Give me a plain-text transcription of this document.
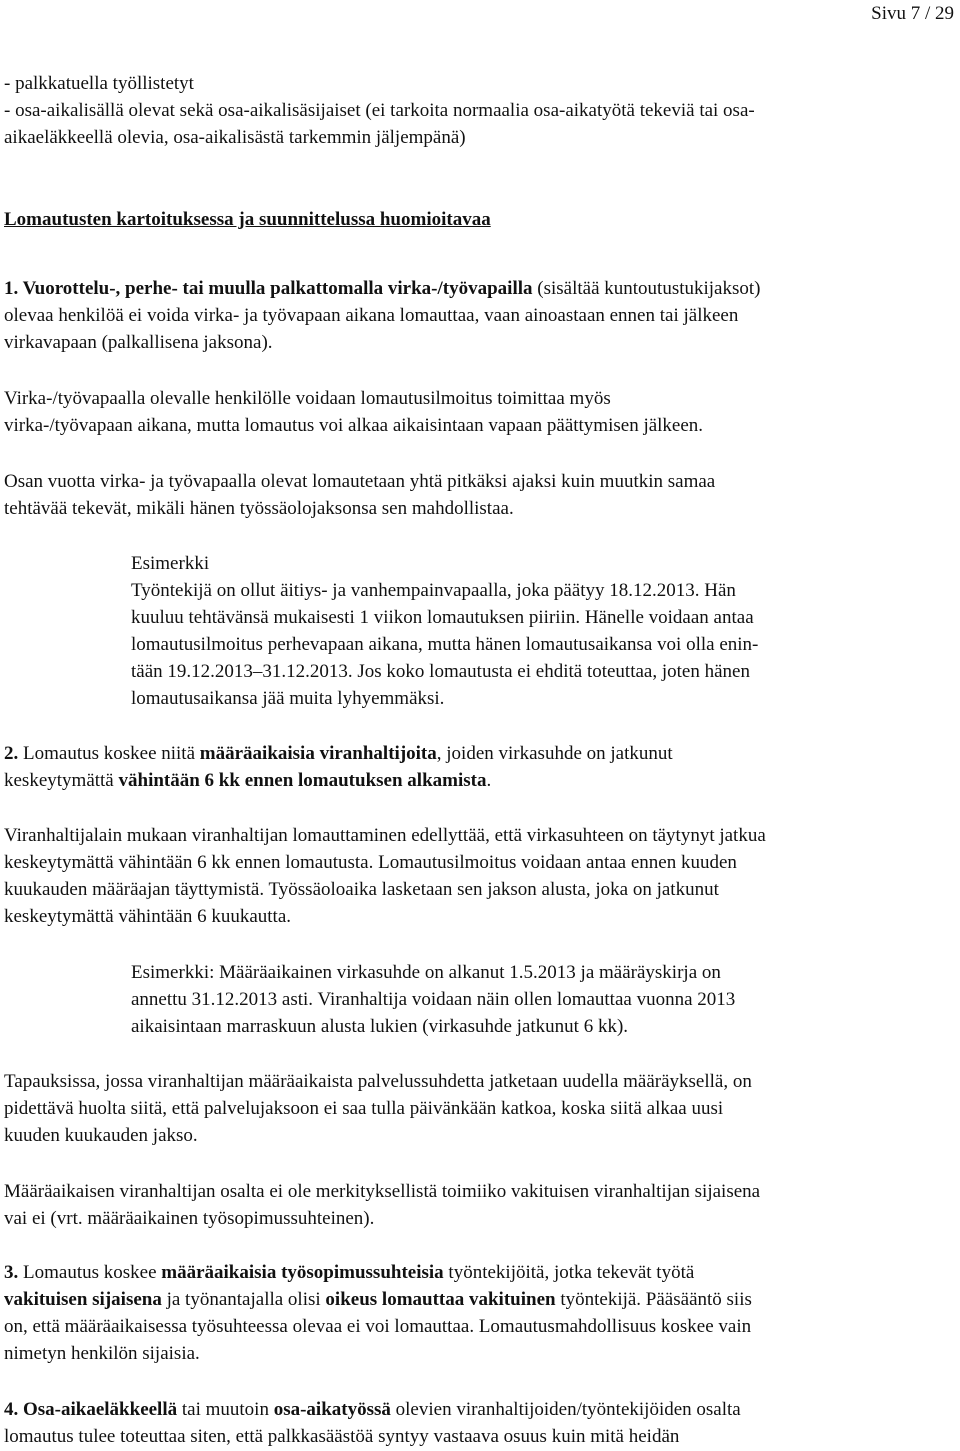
Sivu 7 / 29
- palkkatuella työllistetyt
- osa-aikalisällä olevat sekä osa-aikalisäsijaiset (ei tarkoita normaalia osa-aikatyötä tekeviä tai osa-
aikaeläkkeellä olevia, osa-aikalisästä tarkemmin jäljempänä)
Lomautusten kartoituksessa ja suunnittelussa huomioitavaa
1. Vuorottelu-, perhe- tai muulla palkattomalla virka-/työvapailla (sisältää kuntoutustukijaksot)
olevaa henkilöä ei voida virka- ja työvapaan aikana lomauttaa, vaan ainoastaan ennen tai jälkeen
virkavapaan (palkallisena jaksona).
Virka-/työvapaalla olevalle henkilölle voidaan lomautusilmoitus toimittaa myös
virka-/työvapaan aikana, mutta lomautus voi alkaa aikaisintaan vapaan päättymisen jälkeen.
Osan vuotta virka- ja työvapaalla olevat lomautetaan yhtä pitkäksi ajaksi kuin muutkin samaa
tehtävää tekevät, mikäli hänen työssäolojaksonsa sen mahdollistaa.
Esimerkki
Työntekijä on ollut äitiys- ja vanhempainvapaalla, joka päätyy 18.12.2013. Hän
kuuluu tehtävänsä mukaisesti 1 viikon lomautuksen piiriin. Hänelle voidaan antaa
lomautusilmoitus perhevapaan aikana, mutta hänen lomautusaikansa voi olla enin-
tään 19.12.2013–31.12.2013. Jos koko lomautusta ei ehditä toteuttaa, joten hänen
lomautusaikansa jää muita lyhyemmäksi.
2. Lomautus koskee niitä määräaikaisia viranhaltijoita, joiden virkasuhde on jatkunut
keskeytymättä vähintään 6 kk ennen lomautuksen alkamista.
Viranhaltijalain mukaan viranhaltijan lomauttaminen edellyttää, että virkasuhteen on täytynyt jatkua
keskeytymättä vähintään 6 kk ennen lomautusta. Lomautusilmoitus voidaan antaa ennen kuuden
kuukauden määräajan täyttymistä. Työssäoloaika lasketaan sen jakson alusta, joka on jatkunut
keskeytymättä vähintään 6 kuukautta.
Esimerkki: Määräaikainen virkasuhde on alkanut 1.5.2013 ja määräyskirja on
annettu 31.12.2013 asti. Viranhaltija voidaan näin ollen lomauttaa vuonna 2013
aikaisintaan marraskuun alusta lukien (virkasuhde jatkunut 6 kk).
Tapauksissa, jossa viranhaltijan määräaikaista palvelussuhdetta jatketaan uudella määräyksellä, on
pidettävä huolta siitä, että palvelujaksoon ei saa tulla päivänkään katkoa, koska siitä alkaa uusi
kuuden kuukauden jakso.
Määräaikaisen viranhaltijan osalta ei ole merkityksellistä toimiiko vakituisen viranhaltijan sijaisena
vai ei (vrt. määräaikainen työsopimussuhteinen).
3. Lomautus koskee määräaikaisia työsopimussuhteisia työntekijöitä, jotka tekevät työtä
vakituisen sijaisena ja työnantajalla olisi oikeus lomauttaa vakituinen työntekijä. Pääsääntö siis
on, että määräaikaisessa työsuhteessa olevaa ei voi lomauttaa. Lomautusmahdollisuus koskee vain
nimetyn henkilön sijaisia.
4. Osa-aikaeläkkeellä tai muutoin osa-aikatyössä olevien viranhaltijoiden/työntekijöiden osalta
lomautus tulee toteuttaa siten, että palkkasäästöä syntyy vastaava osuus kuin mitä heidän
